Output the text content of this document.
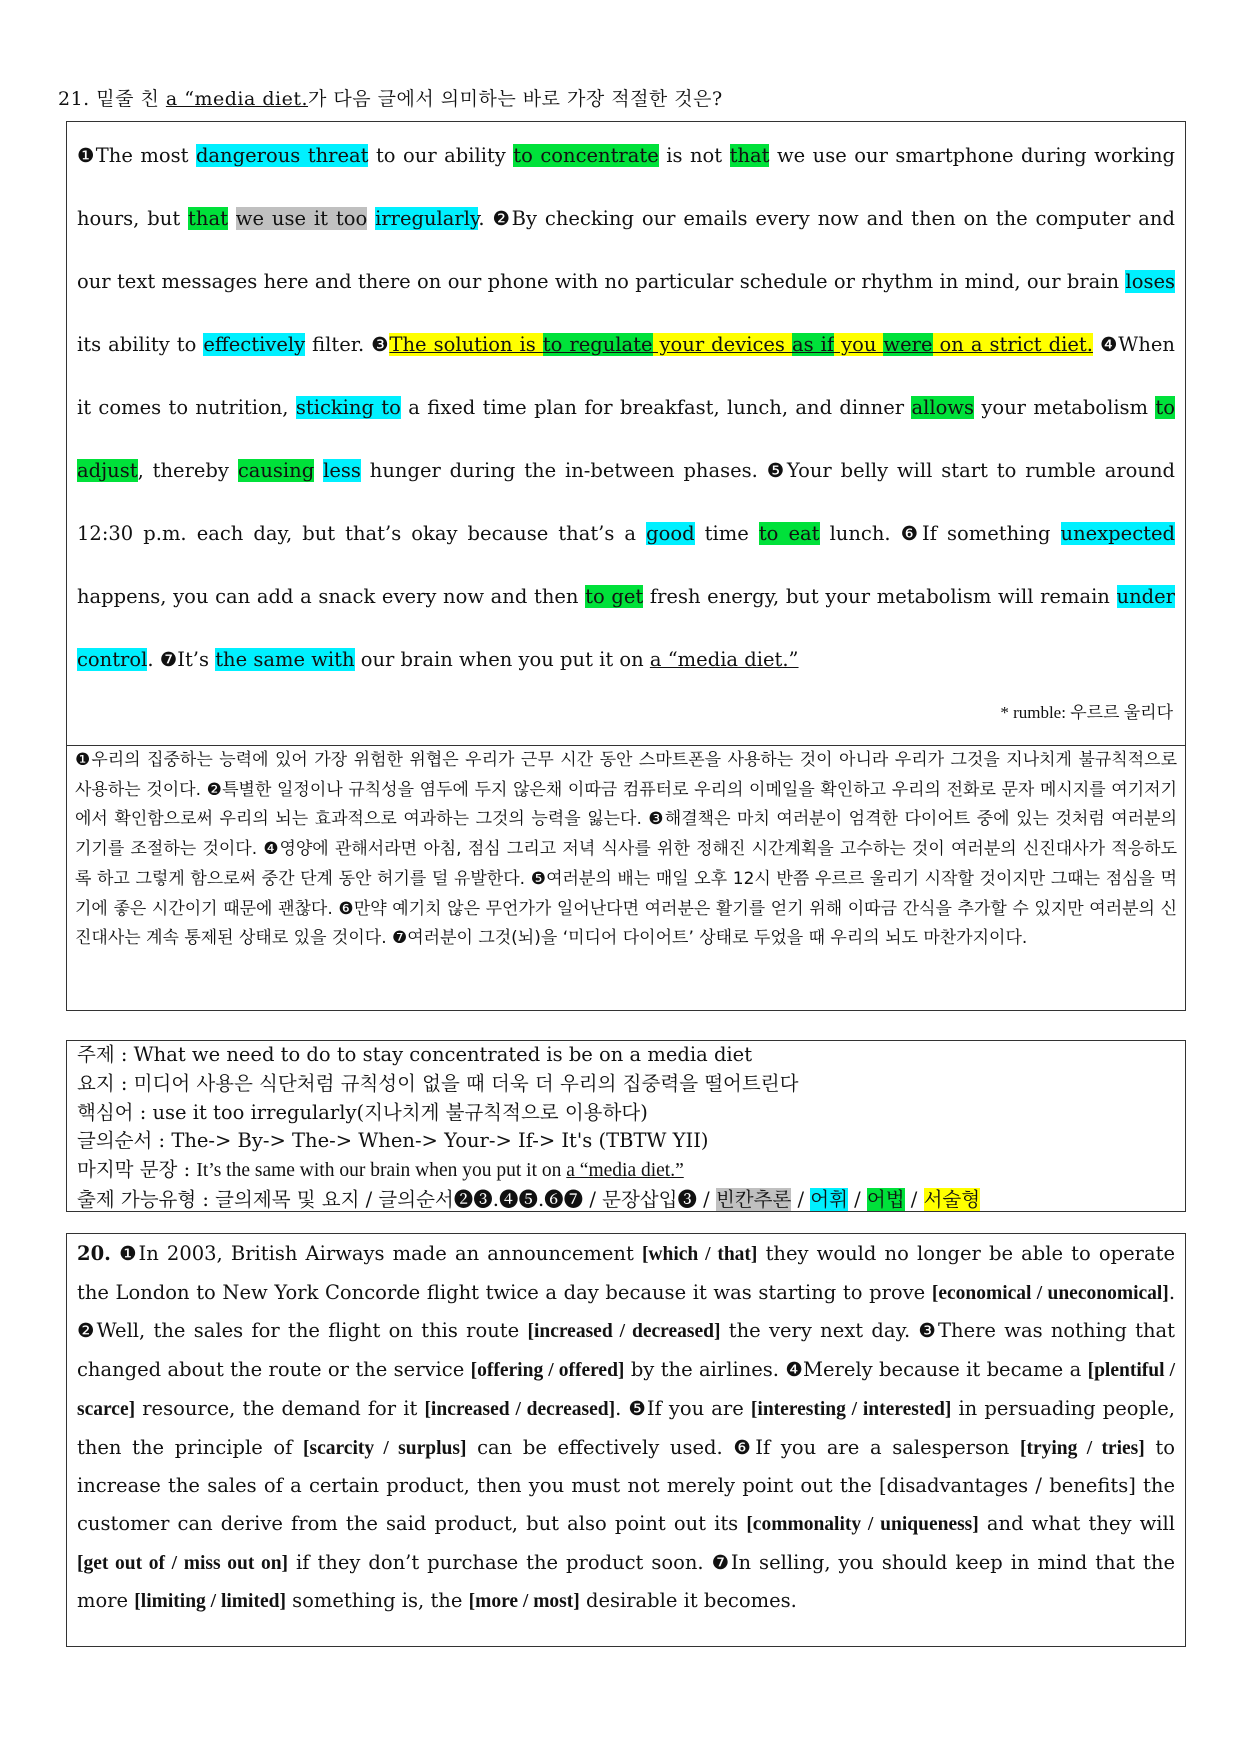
21. 밑줄 친 a “media diet.가 다음 글에서 의미하는 바로 가장 적절한 것은?

❶The most dangerous threat to our ability to concentrate is not that we use our smartphone during working hours, but that we use it too irregularly. ❷By checking our emails every now and then on the computer and our text messages here and there on our phone with no particular schedule or rhythm in mind, our brain loses its ability to effectively filter. ❸The solution is to regulate your devices as if you were on a strict diet. ❹When it comes to nutrition, sticking to a fixed time plan for breakfast, lunch, and dinner allows your metabolism to adjust, thereby causing less hunger during the in-between phases. ❺Your belly will start to rumble around 12:30 p.m. each day, but that’s okay because that’s a good time to eat lunch. ❻If something unexpected happens, you can add a snack every now and then to get fresh energy, but your metabolism will remain under control. ❼It’s the same with our brain when you put it on a “media diet.”

* rumble: 우르르 울리다

❶우리의 집중하는 능력에 있어 가장 위험한 위협은 우리가 근무 시간 동안 스마트폰을 사용하는 것이 아니라 우리가 그것을 지나치게 불규칙적으로 사용하는 것이다. ❷특별한 일정이나 규칙성을 염두에 두지 않은채 이따금 컴퓨터로 우리의 이메일을 확인하고 우리의 전화로 문자 메시지를 여기저기에서 확인함으로써 우리의 뇌는 효과적으로 여과하는 그것의 능력을 잃는다. ❸해결책은 마치 여러분이 엄격한 다이어트 중에 있는 것처럼 여러분의 기기를 조절하는 것이다. ❹영양에 관해서라면 아침, 점심 그리고 저녁 식사를 위한 정해진 시간계획을 고수하는 것이 여러분의 신진대사가 적응하도록 하고 그렇게 함으로써 중간 단계 동안 허기를 덜 유발한다. ❺여러분의 배는 매일 오후 12시 반쯤 우르르 울리기 시작할 것이지만 그때는 점심을 먹기에 좋은 시간이기 때문에 괜찮다. ❻만약 예기치 않은 무언가가 일어난다면 여러분은 활기를 얻기 위해 이따금 간식을 추가할 수 있지만 여러분의 신진대사는 계속 통제된 상태로 있을 것이다. ❼여러분이 그것(뇌)을 ‘미디어 다이어트’ 상태로 두었을 때 우리의 뇌도 마찬가지이다.

주제 : What we need to do to stay concentrated is be on a media diet
요지 : 미디어 사용은 식단처럼 규칙성이 없을 때 더욱 더 우리의 집중력을 떨어트린다
핵심어 : use it too irregularly(지나치게 불규칙적으로 이용하다)
글의순서 : The-> By-> The-> When-> Your-> If-> It's (TBTW YII)
마지막 문장 : It’s the same with our brain when you put it on a “media diet.”
출제 가능유형 : 글의제목 및 요지 / 글의순서❷❸.❹❺.❻❼ / 문장삽입❸ / 빈칸추론 / 어휘 / 어법 / 서술형

20. ❶In 2003, British Airways made an announcement [which / that] they would no longer be able to operate the London to New York Concorde flight twice a day because it was starting to prove [economical / uneconomical]. ❷Well, the sales for the flight on this route [increased / decreased] the very next day. ❸There was nothing that changed about the route or the service [offering / offered] by the airlines. ❹Merely because it became a [plentiful / scarce] resource, the demand for it [increased / decreased]. ❺If you are [interesting / interested] in persuading people, then the principle of [scarcity / surplus] can be effectively used. ❻If you are a salesperson [trying / tries] to increase the sales of a certain product, then you must not merely point out the [disadvantages / benefits] the customer can derive from the said product, but also point out its [commonality / uniqueness] and what they will [get out of / miss out on] if they don’t purchase the product soon. ❼In selling, you should keep in mind that the more [limiting / limited] something is, the [more / most] desirable it becomes.
